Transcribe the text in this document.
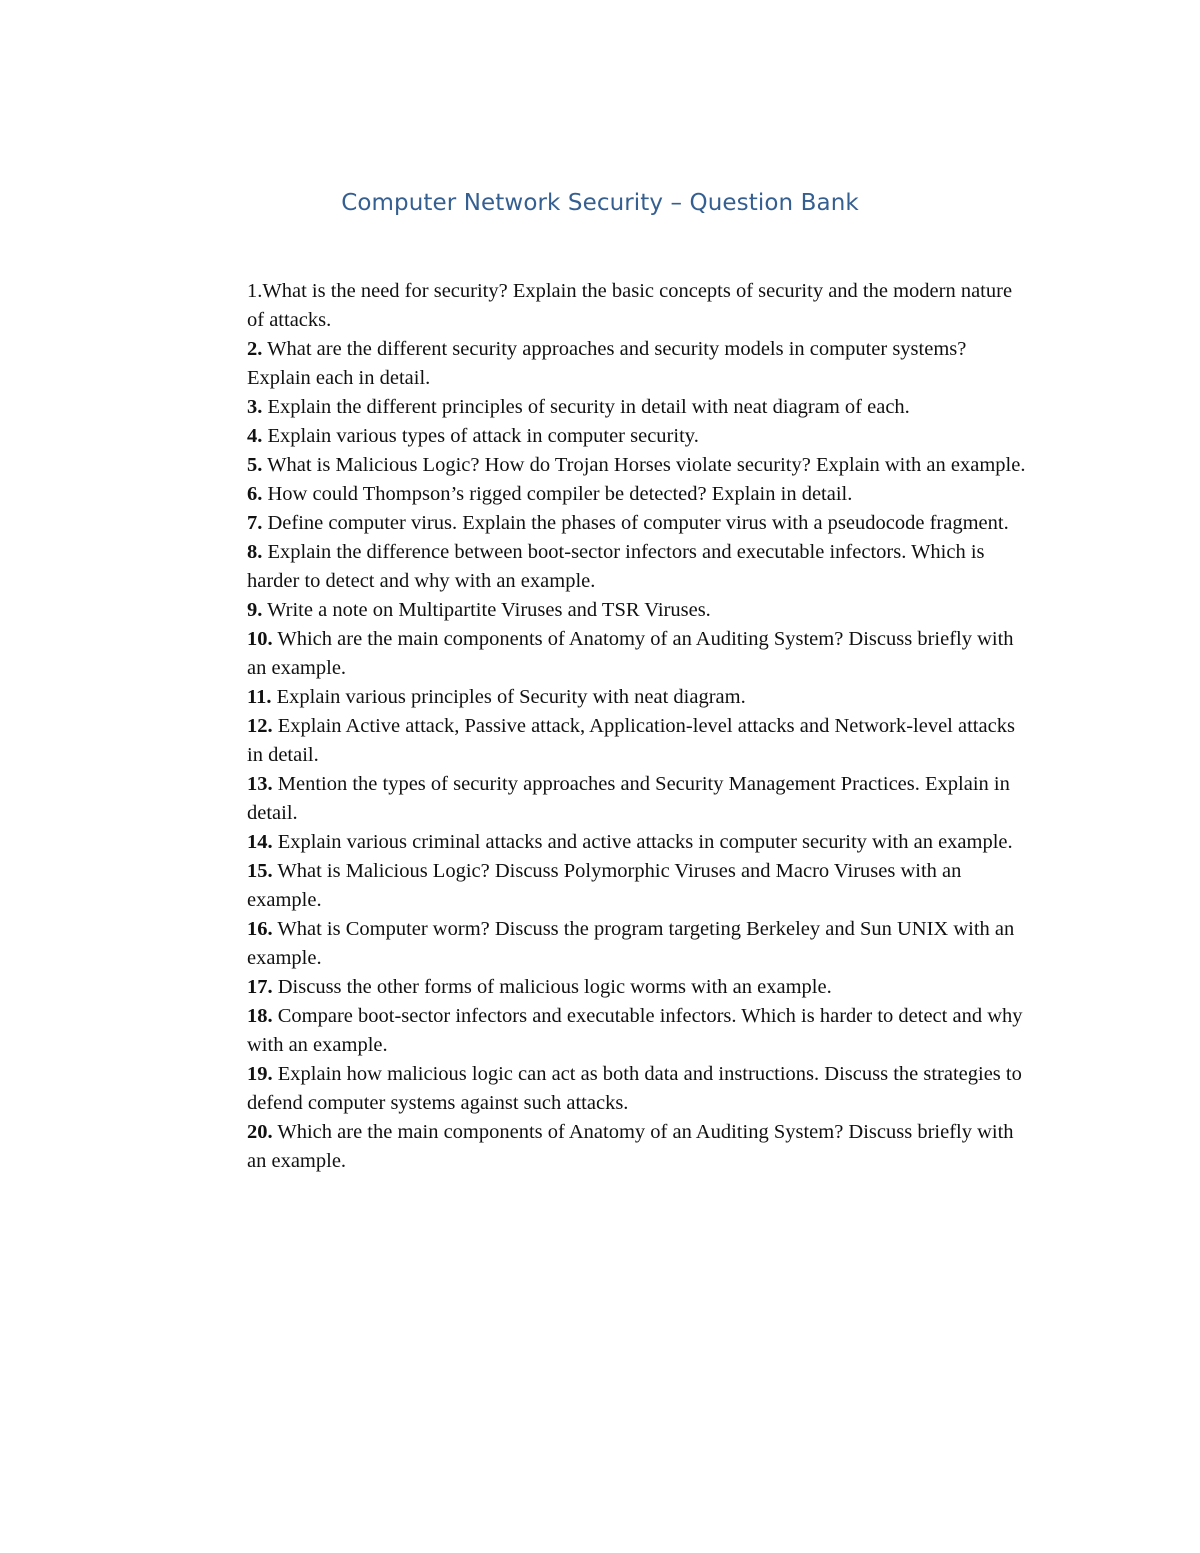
Computer Network Security – Question Bank
1.What is the need for security? Explain the basic concepts of security and the modern nature of attacks.
2. What are the different security approaches and security models in computer systems? Explain each in detail.
3. Explain the different principles of security in detail with neat diagram of each.
4. Explain various types of attack in computer security.
5. What is Malicious Logic? How do Trojan Horses violate security? Explain with an example.
6. How could Thompson’s rigged compiler be detected? Explain in detail.
7. Define computer virus. Explain the phases of computer virus with a pseudocode fragment.
8. Explain the difference between boot-sector infectors and executable infectors. Which is harder to detect and why with an example.
9. Write a note on Multipartite Viruses and TSR Viruses.
10. Which are the main components of Anatomy of an Auditing System? Discuss briefly with an example.
11. Explain various principles of Security with neat diagram.
12. Explain Active attack, Passive attack, Application-level attacks and Network-level attacks in detail.
13. Mention the types of security approaches and Security Management Practices. Explain in detail.
14. Explain various criminal attacks and active attacks in computer security with an example.
15. What is Malicious Logic? Discuss Polymorphic Viruses and Macro Viruses with an example.
16. What is Computer worm? Discuss the program targeting Berkeley and Sun UNIX with an example.
17. Discuss the other forms of malicious logic worms with an example.
18. Compare boot-sector infectors and executable infectors. Which is harder to detect and why with an example.
19. Explain how malicious logic can act as both data and instructions. Discuss the strategies to defend computer systems against such attacks.
20. Which are the main components of Anatomy of an Auditing System? Discuss briefly with an example.
